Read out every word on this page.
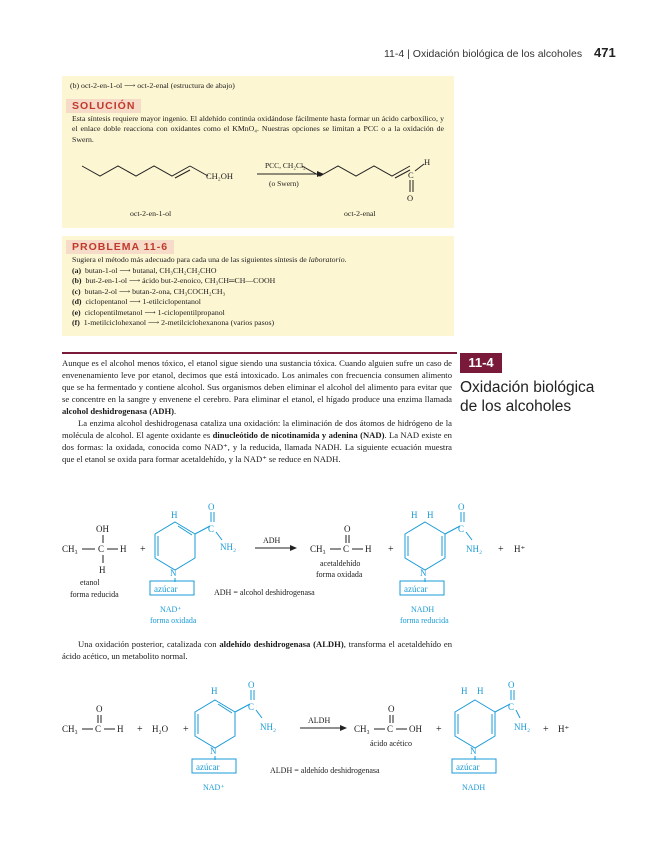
11-4 | Oxidación biológica de los alcoholes 471
(b) oct-2-en-1-ol ⟶ oct-2-enal (estructura de abajo)
SOLUCIÓN
Esta síntesis requiere mayor ingenio. El aldehído continúa oxidándose fácilmente hasta formar un ácido carboxílico, y el enlace doble reacciona con oxidantes como el KMnO₄. Nuestras opciones se limitan a PCC o a la oxidación de Swern.
CH₂OH
PCC, CH₂Cl₂
(o Swern)
C
H
O
oct-2-en-1-ol	oct-2-enal
PROBLEMA 11-6
Sugiera el método más adecuado para cada una de las siguientes síntesis de laboratorio.

(a) butan-1-ol ⟶ butanal, CH₃CH₂CH₂CHO

(b) but-2-en-1-ol ⟶ ácido but-2-enoico, CH₃CH═CH—COOH

(c) butan-2-ol ⟶ butan-2-ona, CH₃COCH₂CH₃

(d) ciclopentanol ⟶ 1-etilciclopentanol

(e) ciclopentilmetanol ⟶ 1-ciclopentilpropanol

(f) 1-metilciclohexanol ⟶ 2-metilciclohexanona (varios pasos)

11-4
Oxidación biológica
de los alcoholes

Aunque es el alcohol menos tóxico, el etanol sigue siendo una sustancia tóxica. Cuando alguien sufre un caso de envenenamiento leve por etanol, decimos que está intoxicado. Los animales con frecuencia consumen alimento que se ha fermentado y contiene alcohol. Sus organismos deben eliminar el alcohol del alimento para evitar que se concentre en la sangre y envenene el cerebro. Para eliminar el etanol, el hígado produce una enzima llamada alcohol deshidrogenasa (ADH).

La enzima alcohol deshidrogenasa cataliza una oxidación: la eliminación de dos átomos de hidrógeno de la molécula de alcohol. El agente oxidante es dinucleótido de nicotinamida y adenina (NAD). La NAD existe en dos formas: la oxidada, conocida como NAD⁺, y la reducida, llamada NADH. La siguiente ecuación muestra que el etanol se oxida para formar acetaldehído, y la NAD⁺ se reduce en NADH.

OH
CH₃ C H
H
etanol
forma reducida
+
H
C
O
NH₂
N
azúcar
NAD⁺
forma oxidada
ADH = alcohol deshidrogenasa
ADH
O
CH₃ C H
acetaldehído
forma oxidada
+
H H
C
O
NH₂
N
azúcar
NADH
forma reducida
+ H⁺

Una oxidación posterior, catalizada con aldehído deshidrogenasa (ALDH), transforma el acetaldehído en ácido acético, un metabolito normal.

O
CH₃ C H + H₂O +
H
C
O
NH₂
N
azúcar
NAD⁺
ALDH = aldehído deshidrogenasa
ALDH
O
CH₃ C OH
ácido acético
+
H H
C
O
NH₂
N
azúcar
NADH
+ H⁺
